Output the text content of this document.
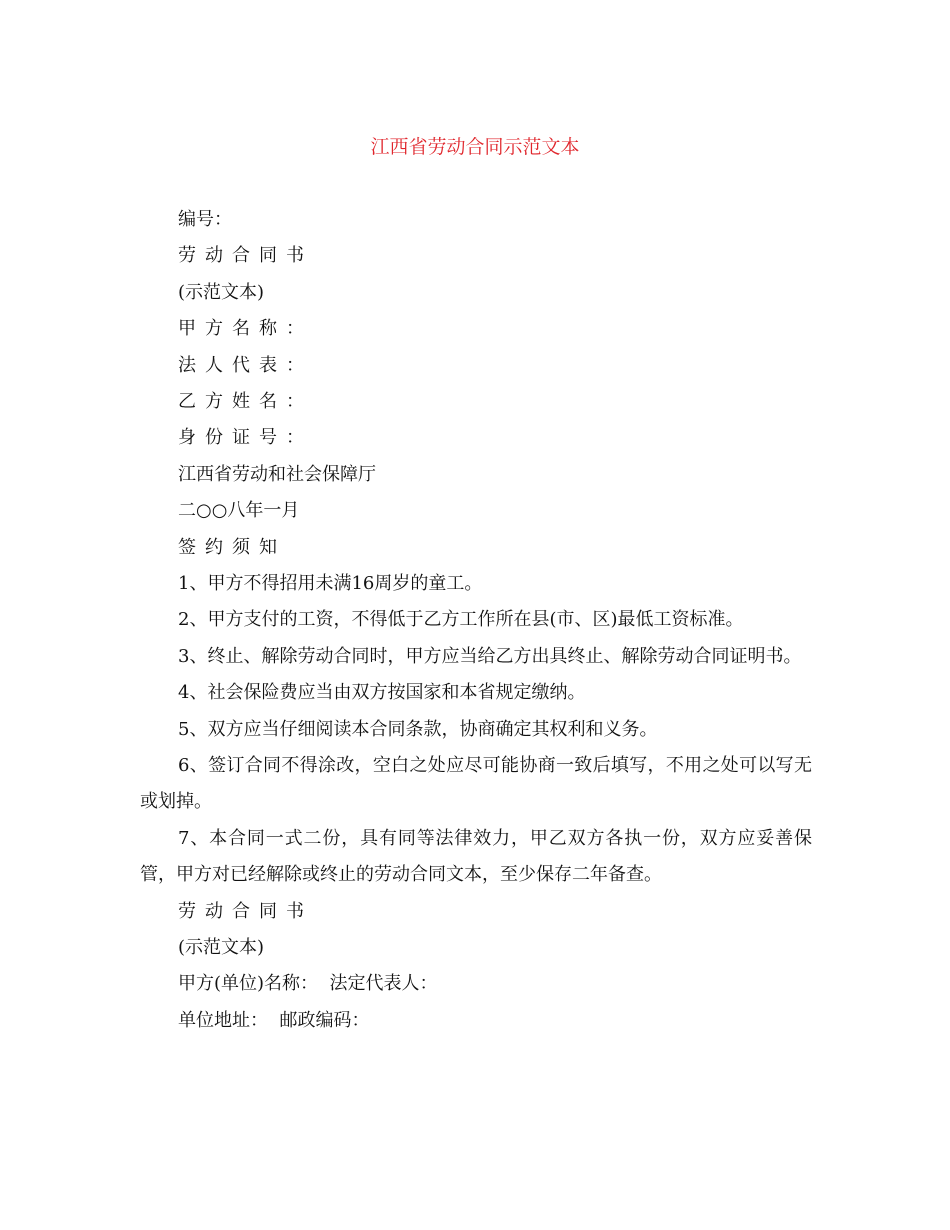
江西省劳动合同示范文本
编号：
劳动合同书
(示范文本)
甲方名称：
法人代表：
乙方姓名：
身份证号：
江西省劳动和社会保障厅
二○○八年一月
签约须知
1、甲方不得招用未满16周岁的童工。
2、甲方支付的工资，不得低于乙方工作所在县(市、区)最低工资标准。
3、终止、解除劳动合同时，甲方应当给乙方出具终止、解除劳动合同证明书。
4、社会保险费应当由双方按国家和本省规定缴纳。
5、双方应当仔细阅读本合同条款，协商确定其权利和义务。
6、签订合同不得涂改，空白之处应尽可能协商一致后填写，不用之处可以写无或划掉。
7、本合同一式二份，具有同等法律效力，甲乙双方各执一份，双方应妥善保管，甲方对已经解除或终止的劳动合同文本，至少保存二年备查。
劳动合同书
(示范文本)
甲方(单位)名称：  法定代表人：
单位地址：  邮政编码：
